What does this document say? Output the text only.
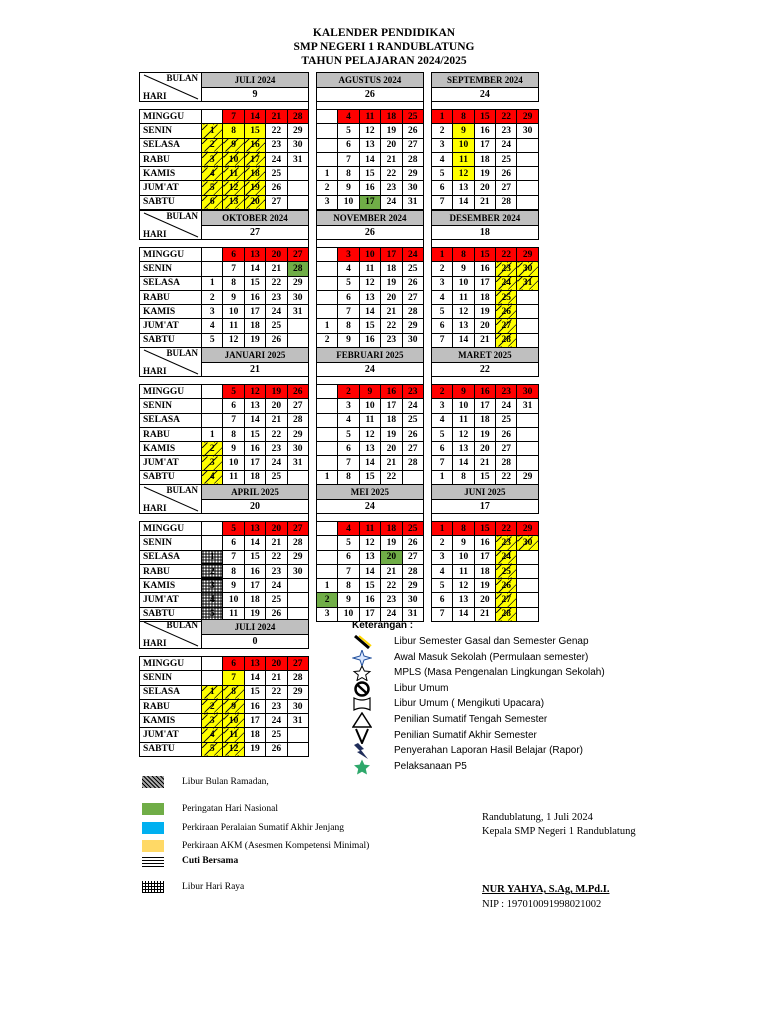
KALENDER PENDIDIKAN
SMP NEGERI 1 RANDUBLATUNG
TAHUN PELAJARAN 2024/2025
BULAN
HARI	JULI 2024						AGUSTUS 2024						SEPTEMBER 2024				
	9						26						24				

MINGGU		7	14	21	28			4	11	18	25		1	8	15	22	29
SENIN	1	8	15	22	29			5	12	19	26		2	9	16	23	30
SELASA	2	9	16	23	30			6	13	20	27		3	10	17	24	
RABU	3	10	17	24	31			7	14	21	28		4	11	18	25	
KAMIS	4	11	18	25			1	8	15	22	29		5	12	19	26	
JUM'AT	5	12	19	26			2	9	16	23	30		6	13	20	27	
SABTU	6	13	20	27			3	10	17	24	31		7	14	21	28	
BULAN
HARI	OKTOBER 2024						NOVEMBER 2024						DESEMBER 2024				
	27						26						18				

MINGGU		6	13	20	27			3	10	17	24		1	8	15	22	29
SENIN		7	14	21	28			4	11	18	25		2	9	16	23	30
SELASA	1	8	15	22	29			5	12	19	26		3	10	17	24	31
RABU	2	9	16	23	30			6	13	20	27		4	11	18	25	
KAMIS	3	10	17	24	31			7	14	21	28		5	12	19	26	
JUM'AT	4	11	18	25			1	8	15	22	29		6	13	20	27	
SABTU	5	12	19	26			2	9	16	23	30		7	14	21	28	
BULAN
HARI	JANUARI 2025						FEBRUARI 2025						MARET 2025				
	21						24						22				

MINGGU		5	12	19	26			2	9	16	23		2	9	16	23	30
SENIN		6	13	20	27			3	10	17	24		3	10	17	24	31
SELASA		7	14	21	28			4	11	18	25		4	11	18	25	
RABU	1	8	15	22	29			5	12	19	26		5	12	19	26	
KAMIS	2	9	16	23	30			6	13	20	27		6	13	20	27	
JUM'AT	3	10	17	24	31			7	14	21	28		7	14	21	28	
SABTU	4	11	18	25			1	8	15	22			1	8	15	22	29
BULAN
HARI	APRIL 2025						MEI 2025						JUNI 2025				
	20						24						17				

MINGGU		5	13	20	27			4	11	18	25		1	8	15	22	29
SENIN		6	14	21	28			5	12	19	26		2	9	16	23	30
SELASA	1	7	15	22	29			6	13	20	27		3	10	17	24	
RABU	2	8	16	23	30			7	14	21	28		4	11	18	25	
KAMIS	3	9	17	24			1	8	15	22	29		5	12	19	26	
JUM'AT	4	10	18	25			2	9	16	23	30		6	13	20	27	
SABTU	5	11	19	26			3	10	17	24	31		7	14	21	28	
BULAN
HARI	JULI 2024				
	0				

MINGGU		6	13	20	27
SENIN		7	14	21	28
SELASA	1	8	15	22	29
RABU	2	9	16	23	30
KAMIS	3	10	17	24	31
JUM'AT	4	11	18	25	
SABTU	5	12	19	26	
Keterangan :
Libur Semester Gasal dan Semester Genap
Awal Masuk Sekolah (Permulaan semester)
MPLS (Masa Pengenalan Lingkungan Sekolah)
Libur Umum
Libur Umum ( Mengikuti Upacara)
Penilian Sumatif Tengah Semester
Penilian Sumatif Akhir Semester
Penyerahan Laporan Hasil Belajar (Rapor)
Pelaksanaan P5
Libur Bulan Ramadan,
Peringatan Hari Nasional
Perkiraan Peralaian Sumatif Akhir Jenjang
Perkiraan AKM (Asesmen Kompetensi Minimal)
Cuti Bersama
Libur Hari Raya
Randublatung, 1 Juli 2024
Kepala SMP Negeri 1 Randublatung
NUR YAHYA, S.Ag, M.Pd.I.
NIP : 197010091998021002
